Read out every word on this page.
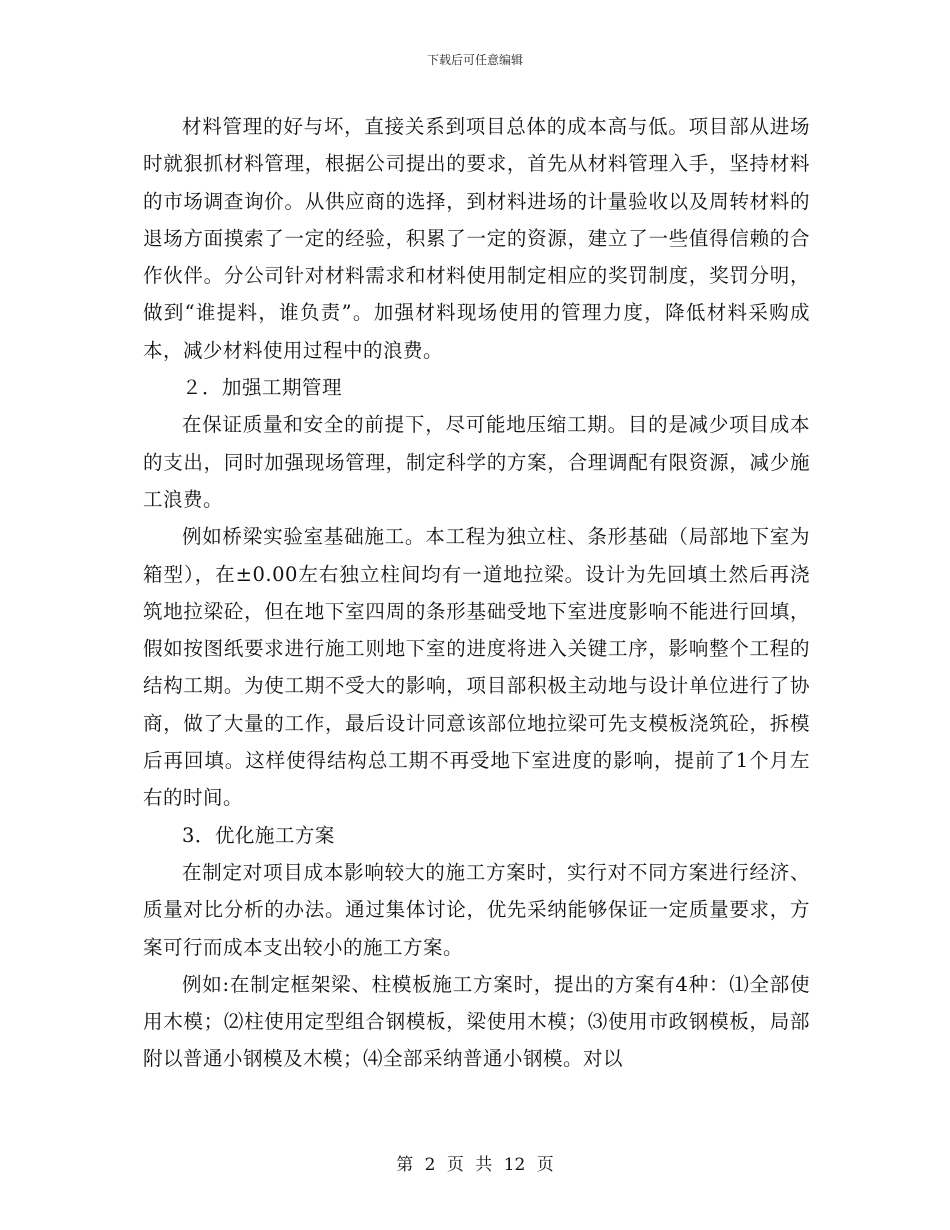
下载后可任意编辑

材料管理的好与坏，直接关系到项目总体的成本高与低。项目部从进场时就狠抓材料管理，根据公司提出的要求，首先从材料管理入手，坚持材料的市场调查询价。从供应商的选择，到材料进场的计量验收以及周转材料的退场方面摸索了一定的经验，积累了一定的资源，建立了一些值得信赖的合作伙伴。分公司针对材料需求和材料使用制定相应的奖罚制度，奖罚分明，做到“谁提料，谁负责”。加强材料现场使用的管理力度，降低材料采购成本，减少材料使用过程中的浪费。

２．加强工期管理

在保证质量和安全的前提下，尽可能地压缩工期。目的是减少项目成本的支出，同时加强现场管理，制定科学的方案，合理调配有限资源，减少施工浪费。

例如桥梁实验室基础施工。本工程为独立柱、条形基础（局部地下室为箱型），在±0.00左右独立柱间均有一道地拉梁。设计为先回填土然后再浇筑地拉梁砼，但在地下室四周的条形基础受地下室进度影响不能进行回填，假如按图纸要求进行施工则地下室的进度将进入关键工序，影响整个工程的结构工期。为使工期不受大的影响，项目部积极主动地与设计单位进行了协商，做了大量的工作，最后设计同意该部位地拉梁可先支模板浇筑砼，拆模后再回填。这样使得结构总工期不再受地下室进度的影响，提前了1个月左右的时间。

3．优化施工方案

在制定对项目成本影响较大的施工方案时，实行对不同方案进行经济、质量对比分析的办法。通过集体讨论，优先采纳能够保证一定质量要求，方案可行而成本支出较小的施工方案。

例如:在制定框架梁、柱模板施工方案时，提出的方案有4种：⑴全部使用木模；⑵柱使用定型组合钢模板，梁使用木模；⑶使用市政钢模板，局部附以普通小钢模及木模；⑷全部采纳普通小钢模。对以

第 2 页 共 12 页
